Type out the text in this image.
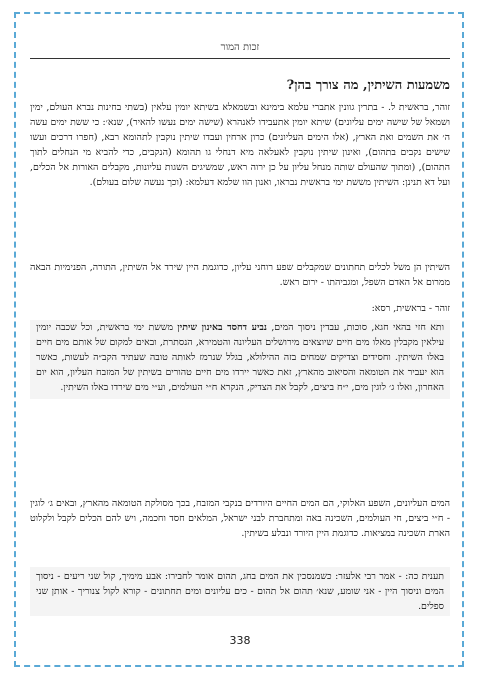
זכות המור
משמעות השיתין, מה צורך בהן?
זוהר, בראשית ל. - בתרין גוונין אתברי עלמא בימינא ובשמאלא בשיתא יומין עלאין (בשתי בחינות נברא העולם, ימין ושמאל של שישה ימים עליונים) שיתא יומין אתעבידו לאנהרא (שישה ימים נעשו להאיר), שנא׳: כי ששת ימים עשה ה׳ את השמים ואת הארץ, (אלו הימים העליונים) כרון ארחין ועבדו שיתין נוקבין לתהומא רבא, (חפרו דרכים ועשו שישים נקבים בתהום), ואינון שיתין נוקבין לאעלאה מיא דנחלי גו תהומא (הנקבים, כדי להביא מי הנחלים לתוך התהום), (ומתוך שהעולם שותה מנחל עליון על כן ירוה ראש, שמשיגים השגות עליונות, מקבלים האורות אל הכלים, ועל דא תנינן: השיתין מששת ימי בראשית נבראו, ואנון הוו שלמא דעלמא: (וכך נעשה שלום בעולם).
השיתין הן משל לכלים תחתונים שמקבלים שפע רוחני עליון, כדוגמת היין שירד אל השיתין, התורה, הפנימיות הבאה ממרום אל האדם השפל, ומגביהתו - ירום ראש.
זוהר - בראשית, רסא:
ותא חזי בהאי חגא, סוכות, עבדין ניסוך המים, נביע דחסד באינון שיתין מששת ימי בראשית, וכל שכבה יומין עילאין מקבלין מאלו מים חיים שיוצאים מירושלים העליונה והטמירא, הנסתרת, ובאים למקום של אותם מים חיים באלו השיתין. וחסידים וצדיקים שמחים בזה ההילולא, בגלל שנרמז לאותה טובה שעתיד הקב״ה לעשות, כאשר הוא יעביר את הטומאה והסיאוב מהארץ, זאת כאשר יירדו מים חיים טהורים בשיתין של המזבח העליון, הוא יום האחרון, ואלו ג׳ לוגין מים, י״ח ביצים, לקבל את הצדיק, הנקרא ח״י העולמים, וע״י מים שירדו באלו השיתין.
המים העליונים, השפע האלוקי, הם המים החיים היורדים בנקבי המזבח, בכך מסולקת הטומאה מהארץ, ובאים ג׳ לוגין - ח״י ביצים, חי העולמים, השכינה באה ומתחברת לבני ישראל, המלאים חסד וחכמה, ויש להם הכלים לקבל ולקלוט הארת השכינה במציאות. כדוגמת היין היורד ונבלע בשיתין.
תענית כה: - אמר רבי אלעזר: כשמנסכין את המים בחג, תהום אומר לחבירו: אבע מימיך, קול שני ריעים - ניסוך המים וניסוך היין - אני שומע, שנא׳ תהום אל תהום - כים עליונים ומים תחתונים - קורא לקול צנוריך - אותן שני ספלים.
338
